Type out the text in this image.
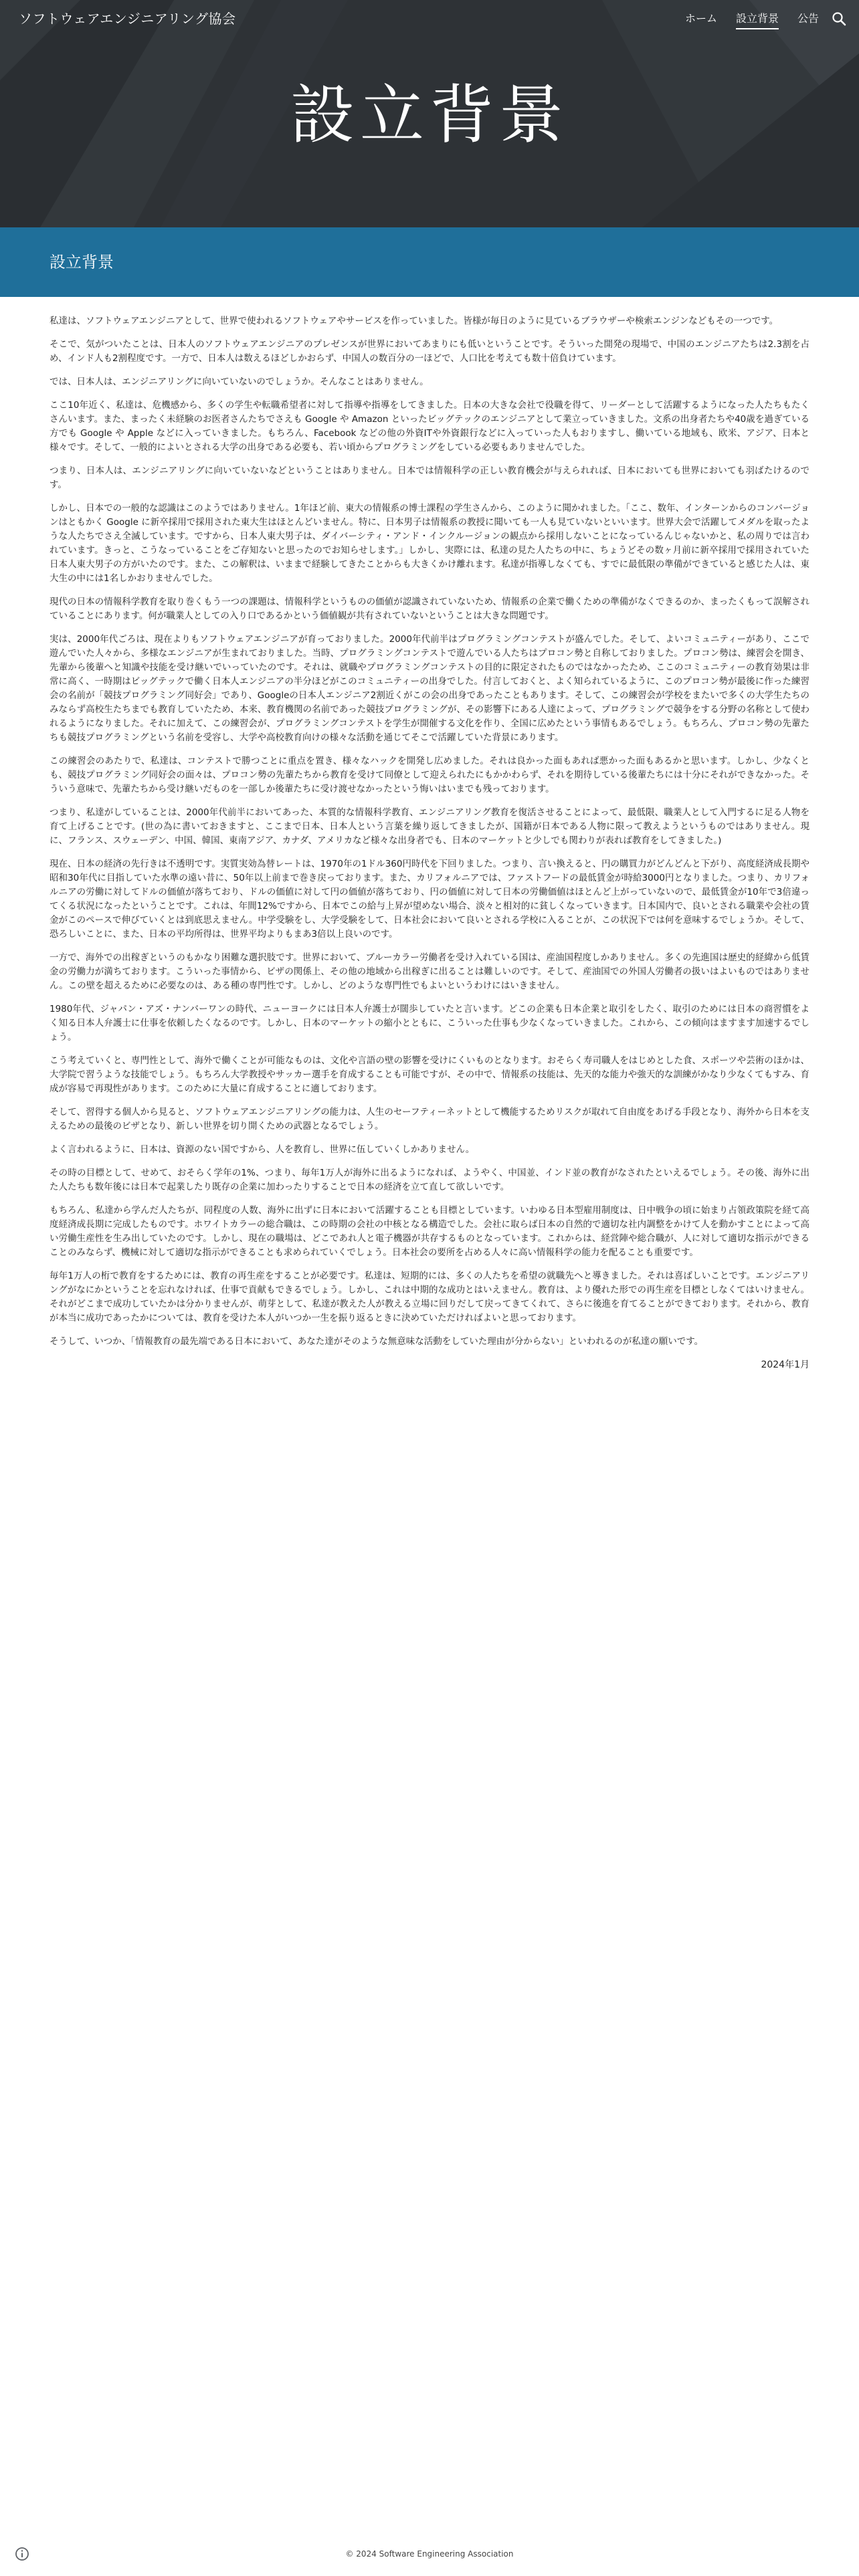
ソフトウェアエンジニアリング協会	ホーム 設立背景 公告
設立背景
設立背景

私達は、ソフトウェアエンジニアとして、世界で使われるソフトウェアやサービスを作っていました。皆様が毎日のように見ているブラウザーや検索エンジンなどもその一つです。

そこで、気がついたことは、日本人のソフトウェアエンジニアのプレゼンスが世界においてあまりにも低いということです。そういった開発の現場で、中国のエンジニアたちは2.3割を占め、インド人も2割程度です。一方で、日本人は数えるほどしかおらず、中国人の数百分の一ほどで、人口比を考えても数十倍負けています。

では、日本人は、エンジニアリングに向いていないのでしょうか。そんなことはありません。

ここ10年近く、私達は、危機感から、多くの学生や転職希望者に対して指導や指導をしてきました。日本の大きな会社で役職を得て、リーダーとして活躍するようになった人たちもたくさんいます。また、まったく未経験のお医者さんたちでさえも Google や Amazon といったビッグテックのエンジニアとして業立っていきました。文系の出身者たちや40歳を過ぎている方でも Google や Apple などに入っていきました。もちろん、Facebook などの他の外資ITや外資銀行などに入っていった人もおりますし、働いている地域も、欧米、アジア、日本と様々です。そして、一般的によいとされる大学の出身である必要も、若い頃からプログラミングをしている必要もありませんでした。

つまり、日本人は、エンジニアリングに向いていないなどということはありません。日本では情報科学の正しい教育機会が与えられれば、日本においても世界においても羽ばたけるのです。

しかし、日本での一般的な認識はこのようではありません。1年ほど前、東大の情報系の博士課程の学生さんから、このように聞かれました。「ここ、数年、インターンからのコンバージョンはともかく Google に新卒採用で採用された東大生はほとんどいません。特に、日本男子は情報系の教授に聞いても一人も見ていないといいます。世界大会で活躍してメダルを取ったような人たちでさえ全滅しています。ですから、日本人東大男子は、ダイバーシティ・アンド・インクルージョンの観点から採用しないことになっているんじゃないかと、私の周りでは言われています。きっと、こうなっていることをご存知ないと思ったのでお知らせします。」しかし、実際には、私達の見た人たちの中に、ちょうどその数ヶ月前に新卒採用で採用されていた日本人東大男子の方がいたのです。また、この解釈は、いままで経験してきたことからも大きくかけ離れます。私達が指導しなくても、すでに最低限の準備ができていると感じた人は、東大生の中には1名しかおりませんでした。

現代の日本の情報科学教育を取り巻くもう一つの課題は、情報科学というものの価値が認識されていないため、情報系の企業で働くための準備がなくできるのか、まったくもって誤解されていることにあります。何が職業人としての入り口であるかという価値観が共有されていないということは大きな問題です。

実は、2000年代ごろは、現在よりもソフトウェアエンジニアが育っておりました。2000年代前半はプログラミングコンテストが盛んでした。そして、よいコミュニティーがあり、ここで遊んでいた人々から、多様なエンジニアが生まれておりました。当時、プログラミングコンテストで遊んでいる人たちはプロコン勢と自称しておりました。プロコン勢は、練習会を開き、先輩から後輩へと知識や技能を受け継いでいっていたのです。それは、就職やプログラミングコンテストの目的に限定されたものではなかったため、ここのコミュニティーの教育効果は非常に高く、一時期はビッグテックで働く日本人エンジニアの半分ほどがこのコミュニティーの出身でした。付言しておくと、よく知られているように、このプロコン勢が最後に作った練習会の名前が「競技プログラミング同好会」であり、Googleの日本人エンジニア2割近くがこの会の出身であったこともあります。そして、この練習会が学校をまたいで多くの大学生たちのみならず高校生たちまでも教育していたため、本来、教育機関の名前であった競技プログラミングが、その影響下にある人達によって、プログラミングで競争をする分野の名称として使われるようになりました。それに加えて、この練習会が、プログラミングコンテストを学生が開催する文化を作り、全国に広めたという事情もあるでしょう。もちろん、プロコン勢の先輩たちも競技プログラミングという名前を受容し、大学や高校教育向けの様々な活動を通じてそこで活躍していた背景にあります。

この練習会のあたりで、私達は、コンテストで勝つことに重点を置き、様々なハックを開発し広めました。それは良かった面もあれば悪かった面もあるかと思います。しかし、少なくとも、競技プログラミング同好会の面々は、プロコン勢の先輩たちから教育を受けて同僚として迎えられたにもかかわらず、それを期待している後輩たちには十分にそれができなかった。そういう意味で、先輩たちから受け継いだものを一部しか後輩たちに受け渡せなかったという悔いはいまでも残っております。

つまり、私達がしていることは、2000年代前半においてあった、本質的な情報科学教育、エンジニアリング教育を復活させることによって、最低限、職業人として入門するに足る人物を育て上げることです。(世の為に書いておきますと、ここまで日本、日本人という言葉を繰り返してきましたが、国籍が日本である人物に限って教えようというものではありません。現に、フランス、スウェーデン、中国、韓国、東南アジア、カナダ、アメリカなど様々な出身者でも、日本のマーケットと少しでも関わりが表れば教育をしてきました。)

現在、日本の経済の先行きは不透明です。実質実効為替レートは、1970年の1ドル360円時代を下回りました。つまり、言い換えると、円の購買力がどんどんと下がり、高度経済成長期や昭和30年代に目指していた水準の遠い昔に、50年以上前まで巻き戻っております。また、カリフォルニアでは、ファストフードの最低賃金が時給3000円となりました。つまり、カリフォルニアの労働に対してドルの価値が落ちており、ドルの価値に対して円の価値が落ちており、円の価値に対して日本の労働価値はほとんど上がっていないので、最低賃金が10年で3倍違ってくる状況になったということです。これは、年間12%ですから、日本でこの給与上昇が望めない場合、淡々と相対的に貧しくなっていきます。日本国内で、良いとされる職業や会社の賃金がこのペースで伸びていくとは到底思えません。中学受験をし、大学受験をして、日本社会において良いとされる学校に入ることが、この状況下では何を意味するでしょうか。そして、恐ろしいことに、また、日本の平均所得は、世界平均よりもまあ3倍以上良いのです。

一方で、海外での出稼ぎというのもかなり困難な選択肢です。世界において、ブルーカラー労働者を受け入れている国は、産油国程度しかありません。多くの先進国は歴史的経緯から低賃金の労働力が満ちております。こういった事情から、ビザの関係上、その他の地域から出稼ぎに出ることは難しいのです。そして、産油国での外国人労働者の扱いはよいものではありません。この壁を超えるために必要なのは、ある種の専門性です。しかし、どのような専門性でもよいというわけにはいきません。

1980年代、ジャパン・アズ・ナンバーワンの時代、ニューヨークには日本人弁護士が闊歩していたと言います。どこの企業も日本企業と取引をしたく、取引のためには日本の商習慣をよく知る日本人弁護士に仕事を依頼したくなるのです。しかし、日本のマーケットの縮小とともに、こういった仕事も少なくなっていきました。これから、この傾向はますます加速するでしょう。

こう考えていくと、専門性として、海外で働くことが可能なものは、文化や言語の壁の影響を受けにくいものとなります。おそらく寿司職人をはじめとした食、スポーツや芸術のほかは、大学院で習うような技能でしょう。もちろん大学教授やサッカー選手を育成することも可能ですが、その中で、情報系の技能は、先天的な能力や強天的な訓練がかなり少なくてもすみ、育成が容易で再現性があります。このために大量に育成することに適しております。

そして、習得する個人から見ると、ソフトウェアエンジニアリングの能力は、人生のセーフティーネットとして機能するためリスクが取れて自由度をあげる手段となり、海外から日本を支えるための最後のビザとなり、新しい世界を切り開くための武器となるでしょう。

よく言われるように、日本は、資源のない国ですから、人を教育し、世界に伍していくしかありません。

その時の目標として、せめて、おそらく学年の1%、つまり、毎年1万人が海外に出るようになれば、ようやく、中国並、インド並の教育がなされたといえるでしょう。その後、海外に出た人たちも数年後には日本で起業したり既存の企業に加わったりすることで日本の経済を立て直して欲しいです。

もちろん、私達から学んだ人たちが、同程度の人数、海外に出ずに日本において活躍することも目標としています。いわゆる日本型雇用制度は、日中戦争の頃に始まり占領政策院を経て高度経済成長期に完成したものです。ホワイトカラーの総合職は、この時期の会社の中核となる構造でした。会社に取らば日本の自然的で適切な社内調整をかけて人を動かすことによって高い労働生産性を生み出していたのです。しかし、現在の職場は、どこであれ人と電子機器が共存するものとなっています。これからは、経営陣や総合職が、人に対して適切な指示ができることのみならず、機械に対して適切な指示ができることも求められていくでしょう。日本社会の要所を占める人々に高い情報科学の能力を配ることも重要です。

毎年1万人の桁で教育をするためには、教育の再生産をすることが必要です。私達は、短期的には、多くの人たちを希望の就職先へと導きました。それは喜ばしいことです。エンジニアリングがなにかということを忘れなければ、仕事で貢献もできるでしょう。しかし、これは中期的な成功とはいえません。教育は、より優れた形での再生産を目標としなくてはいけません。それがどこまで成功していたかは分かりませんが、萌芽として、私達が教えた人が教える立場に回りだして戻ってきてくれて、さらに後進を育てることができております。それから、教育が本当に成功であったかについては、教育を受けた本人がいつか一生を振り返るときに決めていただければよいと思っております。

そうして、いつか、「情報教育の最先端である日本において、あなた達がそのような無意味な活動をしていた理由が分からない」といわれるのが私達の願いです。

2024年1月
© 2024 Software Engineering Association
